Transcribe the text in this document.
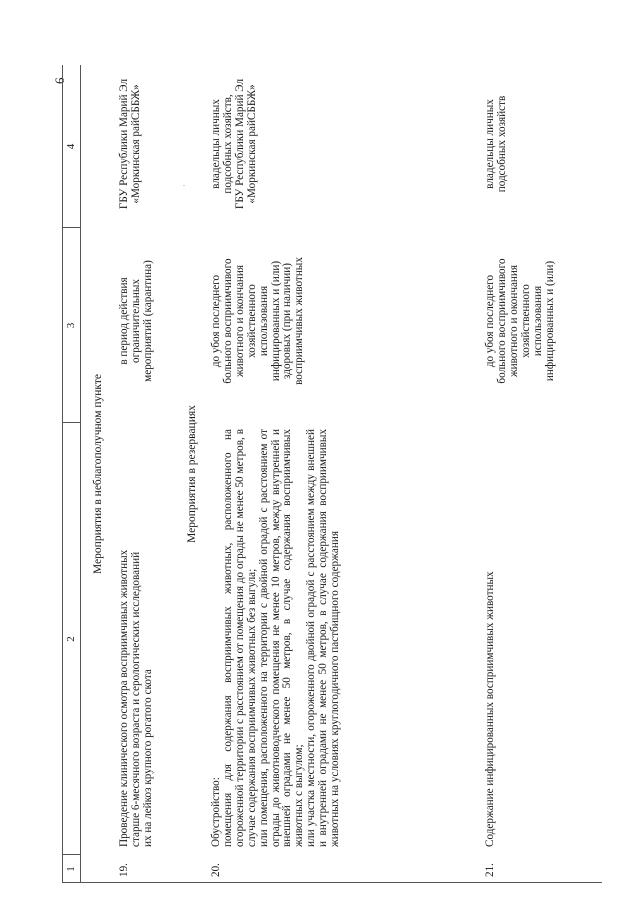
6
·
1
2
3
4
Мероприятия в неблагополучном пункте
19.
Проведение клинического осмотра восприимчивых животных
старше 6-месячного возраста и серологических исследований
их на лейкоз крупного рогатого скота
в период действия
ограничительных
мероприятий (карантина)
ГБУ Республики Марий Эл
«Моркинская райСББЖ»
Мероприятия в резервациях
20.
Обустройство:
помещения для содержания восприимчивых животных, расположенного на огороженной территории с расстоянием от помещения до ограды не менее 50 метров, в случае содержания восприимчивых животных без выгула;
или помещения, расположенного на территории с двойной оградой с расстоянием от ограды до животноводческого помещения не менее 10 метров, между внутренней и внешней оградами не менее 50 метров, в случае содержания восприимчивых животных с выгулом;
или участка местности, огороженного двойной оградой с расстоянием между внешней и внутренней оградами не менее 50 метров, в случае содержания восприимчивых животных на условиях круглогодичного пастбищного содержания
до убоя последнего
больного восприимчивого
животного и окончания
хозяйственного
использования
инфицированных и (или)
здоровых (при наличии)
восприимчивых животных
владельцы личных
подсобных хозяйств,
ГБУ Республики Марий Эл
«Моркинская райСББЖ»
21.
Содержание инфицированных восприимчивых животных
до убоя последнего
больного восприимчивого
животного и окончания
хозяйственного
использования
инфицированных и (или)
владельцы личных
подсобных хозяйств
